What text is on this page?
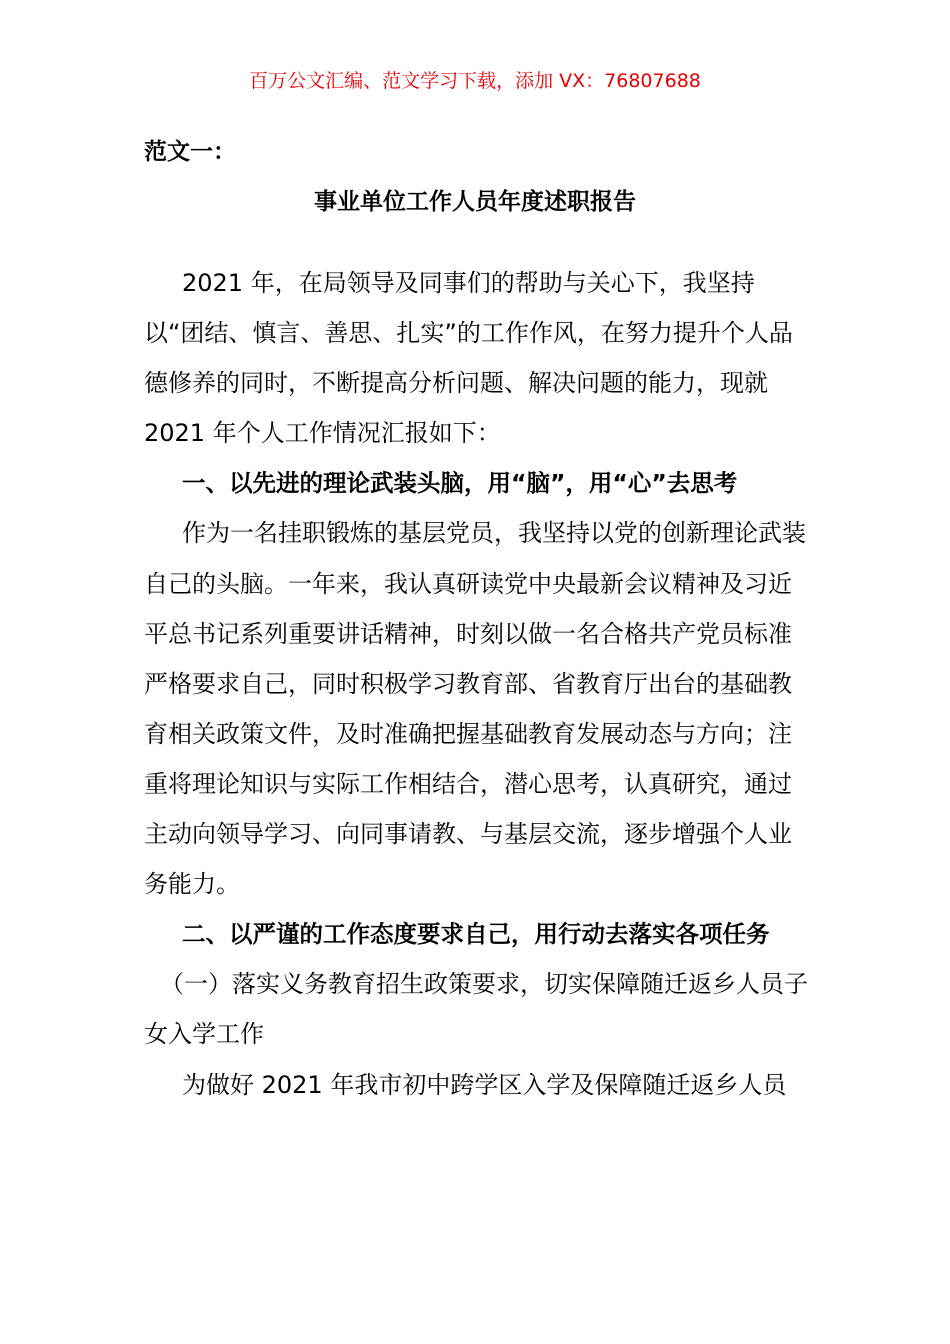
百万公文汇编、范文学习下载，添加 VX：76807688
范文一：
事业单位工作人员年度述职报告

2021 年，在局领导及同事们的帮助与关心下，我坚持以“团结、慎言、善思、扎实”的工作作风，在努力提升个人品德修养的同时，不断提高分析问题、解决问题的能力，现就 2021 年个人工作情况汇报如下：

一、以先进的理论武装头脑，用“脑”，用“心”去思考

作为一名挂职锻炼的基层党员，我坚持以党的创新理论武装自己的头脑。一年来，我认真研读党中央最新会议精神及习近平总书记系列重要讲话精神，时刻以做一名合格共产党员标准严格要求自己，同时积极学习教育部、省教育厅出台的基础教育相关政策文件，及时准确把握基础教育发展动态与方向；注重将理论知识与实际工作相结合，潜心思考，认真研究，通过主动向领导学习、向同事请教、与基层交流，逐步增强个人业务能力。

二、以严谨的工作态度要求自己，用行动去落实各项任务

（一）落实义务教育招生政策要求，切实保障随迁返乡人员子女入学工作

为做好 2021 年我市初中跨学区入学及保障随迁返乡人员
